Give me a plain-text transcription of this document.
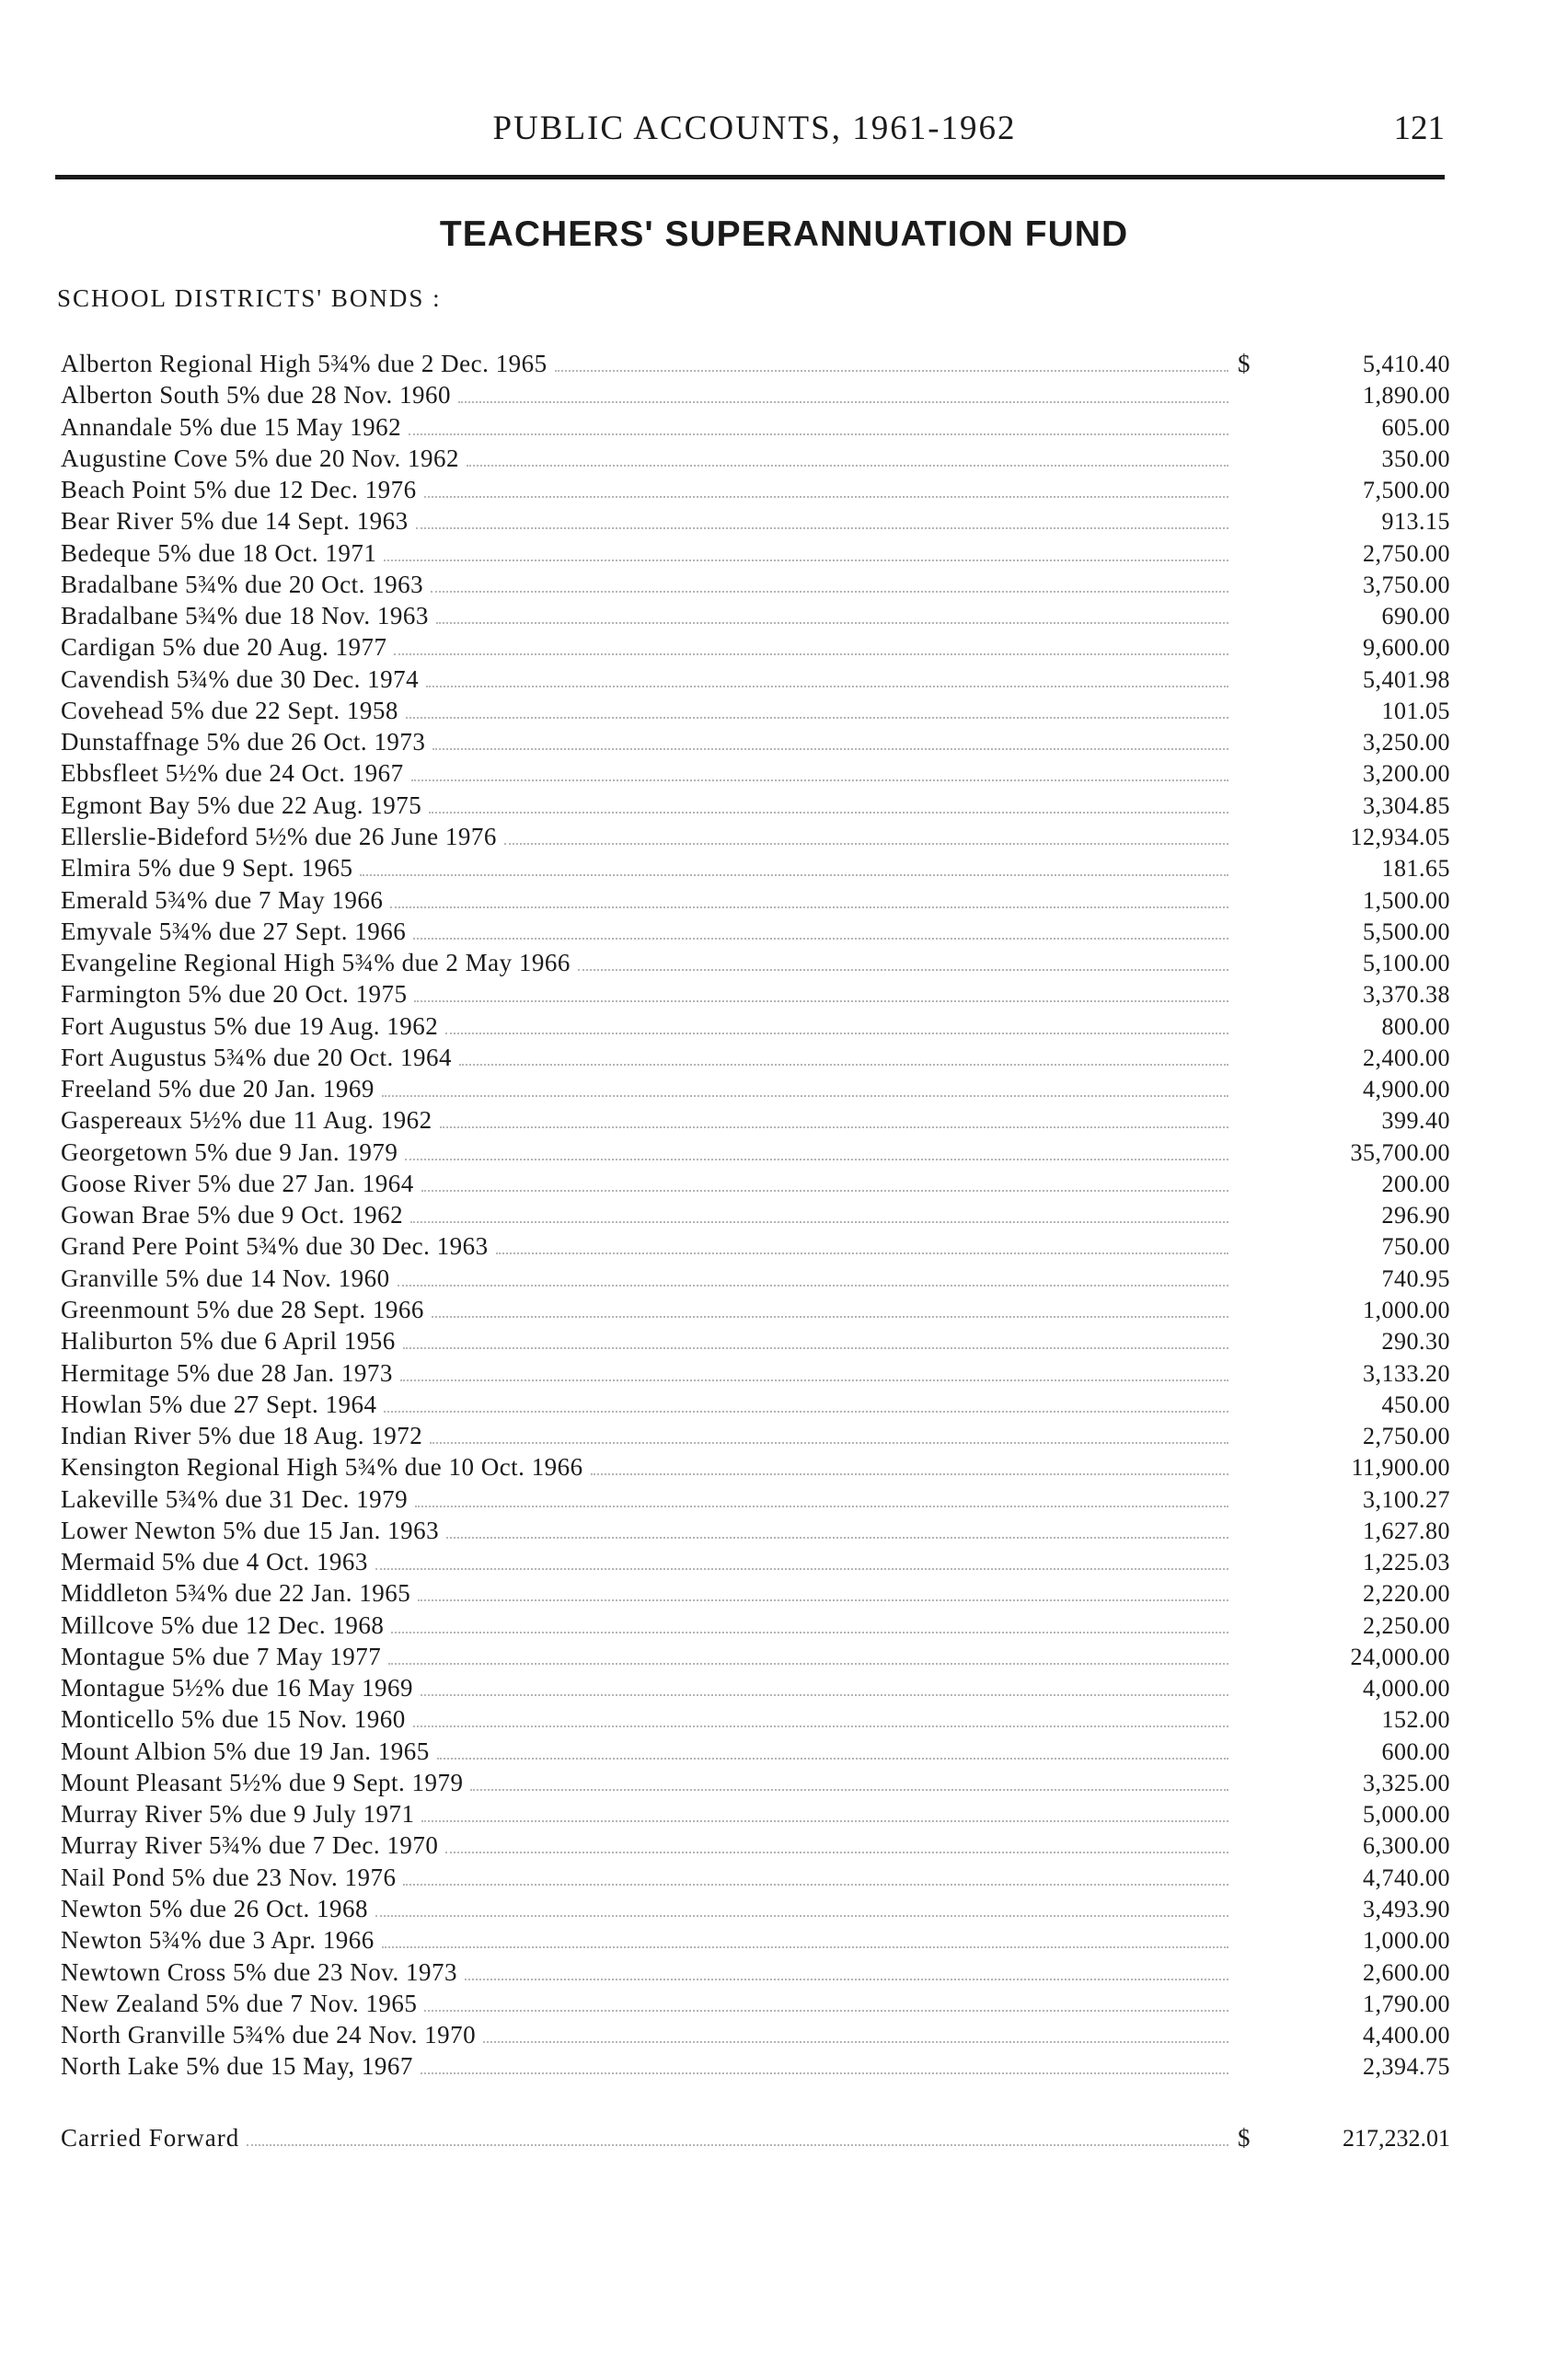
PUBLIC ACCOUNTS, 1961-1962	121
TEACHERS' SUPERANNUATION FUND
SCHOOL DISTRICTS' BONDS :
Alberton Regional High 5¾% due 2 Dec. 1965	$	5,410.40
Alberton South 5% due 28 Nov. 1960	1,890.00
Annandale 5% due 15 May 1962	605.00
Augustine Cove 5% due 20 Nov. 1962	350.00
Beach Point 5% due 12 Dec. 1976	7,500.00
Bear River 5% due 14 Sept. 1963	913.15
Bedeque 5% due 18 Oct. 1971	2,750.00
Bradalbane 5¾% due 20 Oct. 1963	3,750.00
Bradalbane 5¾% due 18 Nov. 1963	690.00
Cardigan 5% due 20 Aug. 1977	9,600.00
Cavendish 5¾% due 30 Dec. 1974	5,401.98
Covehead 5% due 22 Sept. 1958	101.05
Dunstaffnage 5% due 26 Oct. 1973	3,250.00
Ebbsfleet 5½% due 24 Oct. 1967	3,200.00
Egmont Bay 5% due 22 Aug. 1975	3,304.85
Ellerslie-Bideford 5½% due 26 June 1976	12,934.05
Elmira 5% due 9 Sept. 1965	181.65
Emerald 5¾% due 7 May 1966	1,500.00
Emyvale 5¾% due 27 Sept. 1966	5,500.00
Evangeline Regional High 5¾% due 2 May 1966	5,100.00
Farmington 5% due 20 Oct. 1975	3,370.38
Fort Augustus 5% due 19 Aug. 1962	800.00
Fort Augustus 5¾% due 20 Oct. 1964	2,400.00
Freeland 5% due 20 Jan. 1969	4,900.00
Gaspereaux 5½% due 11 Aug. 1962	399.40
Georgetown 5% due 9 Jan. 1979	35,700.00
Goose River 5% due 27 Jan. 1964	200.00
Gowan Brae 5% due 9 Oct. 1962	296.90
Grand Pere Point 5¾% due 30 Dec. 1963	750.00
Granville 5% due 14 Nov. 1960	740.95
Greenmount 5% due 28 Sept. 1966	1,000.00
Haliburton 5% due 6 April 1956	290.30
Hermitage 5% due 28 Jan. 1973	3,133.20
Howlan 5% due 27 Sept. 1964	450.00
Indian River 5% due 18 Aug. 1972	2,750.00
Kensington Regional High 5¾% due 10 Oct. 1966	11,900.00
Lakeville 5¾% due 31 Dec. 1979	3,100.27
Lower Newton 5% due 15 Jan. 1963	1,627.80
Mermaid 5% due 4 Oct. 1963	1,225.03
Middleton 5¾% due 22 Jan. 1965	2,220.00
Millcove 5% due 12 Dec. 1968	2,250.00
Montague 5% due 7 May 1977	24,000.00
Montague 5½% due 16 May 1969	4,000.00
Monticello 5% due 15 Nov. 1960	152.00
Mount Albion 5% due 19 Jan. 1965	600.00
Mount Pleasant 5½% due 9 Sept. 1979	3,325.00
Murray River 5% due 9 July 1971	5,000.00
Murray River 5¾% due 7 Dec. 1970	6,300.00
Nail Pond 5% due 23 Nov. 1976	4,740.00
Newton 5% due 26 Oct. 1968	3,493.90
Newton 5¾% due 3 Apr. 1966	1,000.00
Newtown Cross 5% due 23 Nov. 1973	2,600.00
New Zealand 5% due 7 Nov. 1965	1,790.00
North Granville 5¾% due 24 Nov. 1970	4,400.00
North Lake 5% due 15 May, 1967	2,394.75
Carried Forward	$	217,232.01
